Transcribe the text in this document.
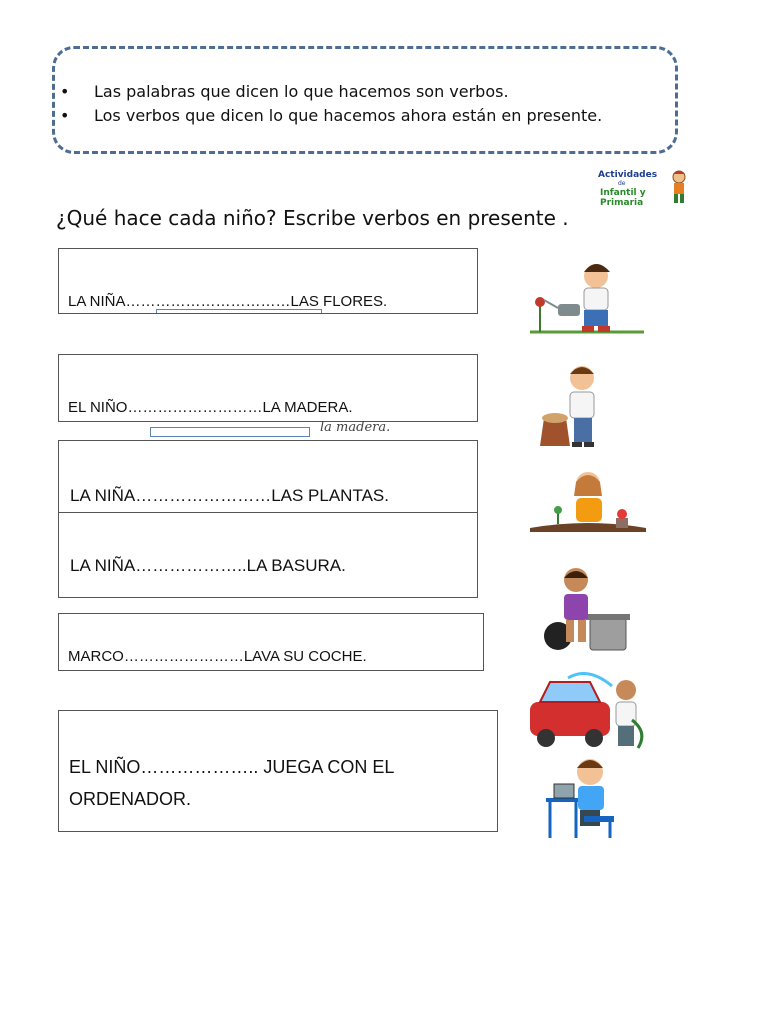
• Las palabras que dicen lo que hacemos son verbos.
• Los verbos que dicen lo que hacemos ahora están en presente.
Actividades
de
Infantil y Primaria
¿Qué hace cada niño? Escribe verbos en presente .
LA NIÑA……………………………LAS FLORES.
EL NIÑO………………………LA MADERA.
la madera.
LA NIÑA……………………LAS PLANTAS.
LA NIÑA………………..LA BASURA.
MARCO……………………LAVA SU COCHE.
EL NIÑO……………….. JUEGA CON EL ORDENADOR.
